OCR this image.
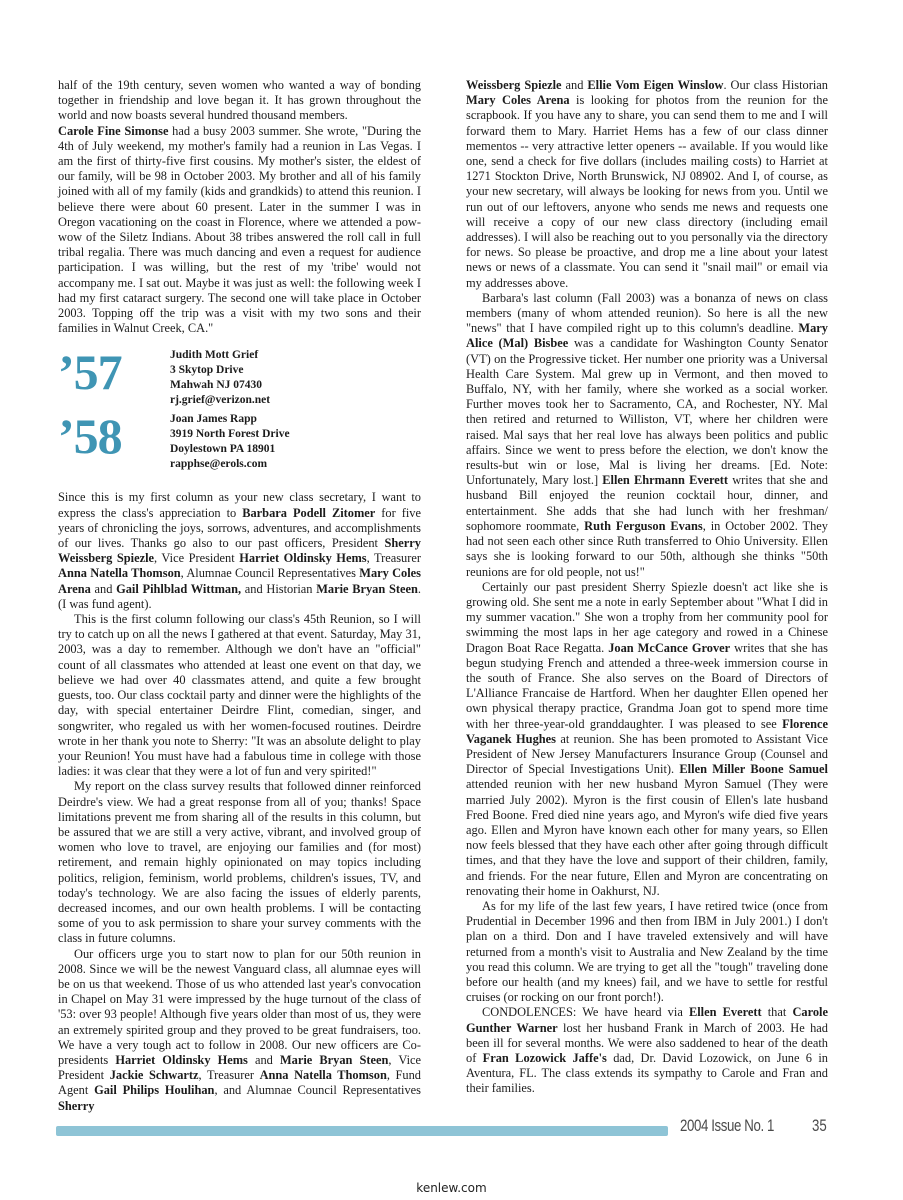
half of the 19th century, seven women who wanted a way of bonding together in friendship and love began it. It has grown throughout the world and now boasts several hundred thousand members.
Carole Fine Simonse had a busy 2003 summer. She wrote, "During the 4th of July weekend, my mother's family had a reunion in Las Vegas. I am the first of thirty-five first cousins. My mother's sister, the eldest of our family, will be 98 in October 2003. My brother and all of his family joined with all of my family (kids and grandkids) to attend this reunion. I believe there were about 60 present. Later in the summer I was in Oregon vacationing on the coast in Florence, where we attended a pow-wow of the Siletz Indians. About 38 tribes answered the roll call in full tribal regalia. There was much dancing and even a request for audience participation. I was willing, but the rest of my 'tribe' would not accompany me. I sat out. Maybe it was just as well: the following week I had my first cataract surgery. The second one will take place in October 2003. Topping off the trip was a visit with my two sons and their families in Walnut Creek, CA."

’57	Judith Mott Grief
3 Skytop Drive
Mahwah NJ 07430
rj.grief@verizon.net
’58	Joan James Rapp
3919 North Forest Drive
Doylestown PA 18901
rapphse@erols.com

Since this is my first column as your new class secretary, I want to express the class's appreciation to Barbara Podell Zitomer for five years of chronicling the joys, sorrows, adventures, and accomplishments of our lives. Thanks go also to our past officers, President Sherry Weissberg Spiezle, Vice President Harriet Oldinsky Hems, Treasurer Anna Natella Thomson, Alumnae Council Representatives Mary Coles Arena and Gail Pihlblad Wittman, and Historian Marie Bryan Steen. (I was fund agent).

This is the first column following our class's 45th Reunion, so I will try to catch up on all the news I gathered at that event. Saturday, May 31, 2003, was a day to remember. Although we don't have an "official" count of all classmates who attended at least one event on that day, we believe we had over 40 classmates attend, and quite a few brought guests, too. Our class cocktail party and dinner were the highlights of the day, with special entertainer Deirdre Flint, comedian, singer, and songwriter, who regaled us with her women-focused routines. Deirdre wrote in her thank you note to Sherry: "It was an absolute delight to play your Reunion! You must have had a fabulous time in college with those ladies: it was clear that they were a lot of fun and very spirited!"

My report on the class survey results that followed dinner reinforced Deirdre's view. We had a great response from all of you; thanks! Space limitations prevent me from sharing all of the results in this column, but be assured that we are still a very active, vibrant, and involved group of women who love to travel, are enjoying our families and (for most) retirement, and remain highly opinionated on may topics including politics, religion, feminism, world problems, children's issues, TV, and today's technology. We are also facing the issues of elderly parents, decreased incomes, and our own health problems. I will be contacting some of you to ask permission to share your survey comments with the class in future columns.

Our officers urge you to start now to plan for our 50th reunion in 2008. Since we will be the newest Vanguard class, all alumnae eyes will be on us that weekend. Those of us who attended last year's convocation in Chapel on May 31 were impressed by the huge turnout of the class of '53: over 93 people! Although five years older than most of us, they were an extremely spirited group and they proved to be great fundraisers, too. We have a very tough act to follow in 2008. Our new officers are Co-presidents Harriet Oldinsky Hems and Marie Bryan Steen, Vice President Jackie Schwartz, Treasurer Anna Natella Thomson, Fund Agent Gail Philips Houlihan, and Alumnae Council Representatives Sherry

Weissberg Spiezle and Ellie Vom Eigen Winslow. Our class Historian Mary Coles Arena is looking for photos from the reunion for the scrapbook. If you have any to share, you can send them to me and I will forward them to Mary. Harriet Hems has a few of our class dinner mementos -- very attractive letter openers -- available. If you would like one, send a check for five dollars (includes mailing costs) to Harriet at 1271 Stockton Drive, North Brunswick, NJ 08902. And I, of course, as your new secretary, will always be looking for news from you. Until we run out of our leftovers, anyone who sends me news and requests one will receive a copy of our new class directory (including email addresses). I will also be reaching out to you personally via the directory for news. So please be proactive, and drop me a line about your latest news or news of a classmate. You can send it "snail mail" or email via my addresses above.

Barbara's last column (Fall 2003) was a bonanza of news on class members (many of whom attended reunion). So here is all the new "news" that I have compiled right up to this column's deadline. Mary Alice (Mal) Bisbee was a candidate for Washington County Senator (VT) on the Progressive ticket. Her number one priority was a Universal Health Care System. Mal grew up in Vermont, and then moved to Buffalo, NY, with her family, where she worked as a social worker. Further moves took her to Sacramento, CA, and Rochester, NY. Mal then retired and returned to Williston, VT, where her children were raised. Mal says that her real love has always been politics and public affairs. Since we went to press before the election, we don't know the results-but win or lose, Mal is living her dreams. [Ed. Note: Unfortunately, Mary lost.] Ellen Ehrmann Everett writes that she and husband Bill enjoyed the reunion cocktail hour, dinner, and entertainment. She adds that she had lunch with her freshman/ sophomore roommate, Ruth Ferguson Evans, in October 2002. They had not seen each other since Ruth transferred to Ohio University. Ellen says she is looking forward to our 50th, although she thinks "50th reunions are for old people, not us!"

Certainly our past president Sherry Spiezle doesn't act like she is growing old. She sent me a note in early September about "What I did in my summer vacation." She won a trophy from her community pool for swimming the most laps in her age category and rowed in a Chinese Dragon Boat Race Regatta. Joan McCance Grover writes that she has begun studying French and attended a three-week immersion course in the south of France. She also serves on the Board of Directors of L'Alliance Francaise de Hartford. When her daughter Ellen opened her own physical therapy practice, Grandma Joan got to spend more time with her three-year-old granddaughter. I was pleased to see Florence Vaganek Hughes at reunion. She has been promoted to Assistant Vice President of New Jersey Manufacturers Insurance Group (Counsel and Director of Special Investigations Unit). Ellen Miller Boone Samuel attended reunion with her new husband Myron Samuel (They were married July 2002). Myron is the first cousin of Ellen's late husband Fred Boone. Fred died nine years ago, and Myron's wife died five years ago. Ellen and Myron have known each other for many years, so Ellen now feels blessed that they have each other after going through difficult times, and that they have the love and support of their children, family, and friends. For the near future, Ellen and Myron are concentrating on renovating their home in Oakhurst, NJ.

As for my life of the last few years, I have retired twice (once from Prudential in December 1996 and then from IBM in July 2001.) I don't plan on a third. Don and I have traveled extensively and will have returned from a month's visit to Australia and New Zealand by the time you read this column. We are trying to get all the "tough" traveling done before our health (and my knees) fail, and we have to settle for restful cruises (or rocking on our front porch!).

CONDOLENCES: We have heard via Ellen Everett that Carole Gunther Warner lost her husband Frank in March of 2003. He had been ill for several months. We were also saddened to hear of the death of Fran Lozowick Jaffe's dad, Dr. David Lozowick, on June 6 in Aventura, FL. The class extends its sympathy to Carole and Fran and their families.

2004 Issue No. 1 35
kenlew.com
